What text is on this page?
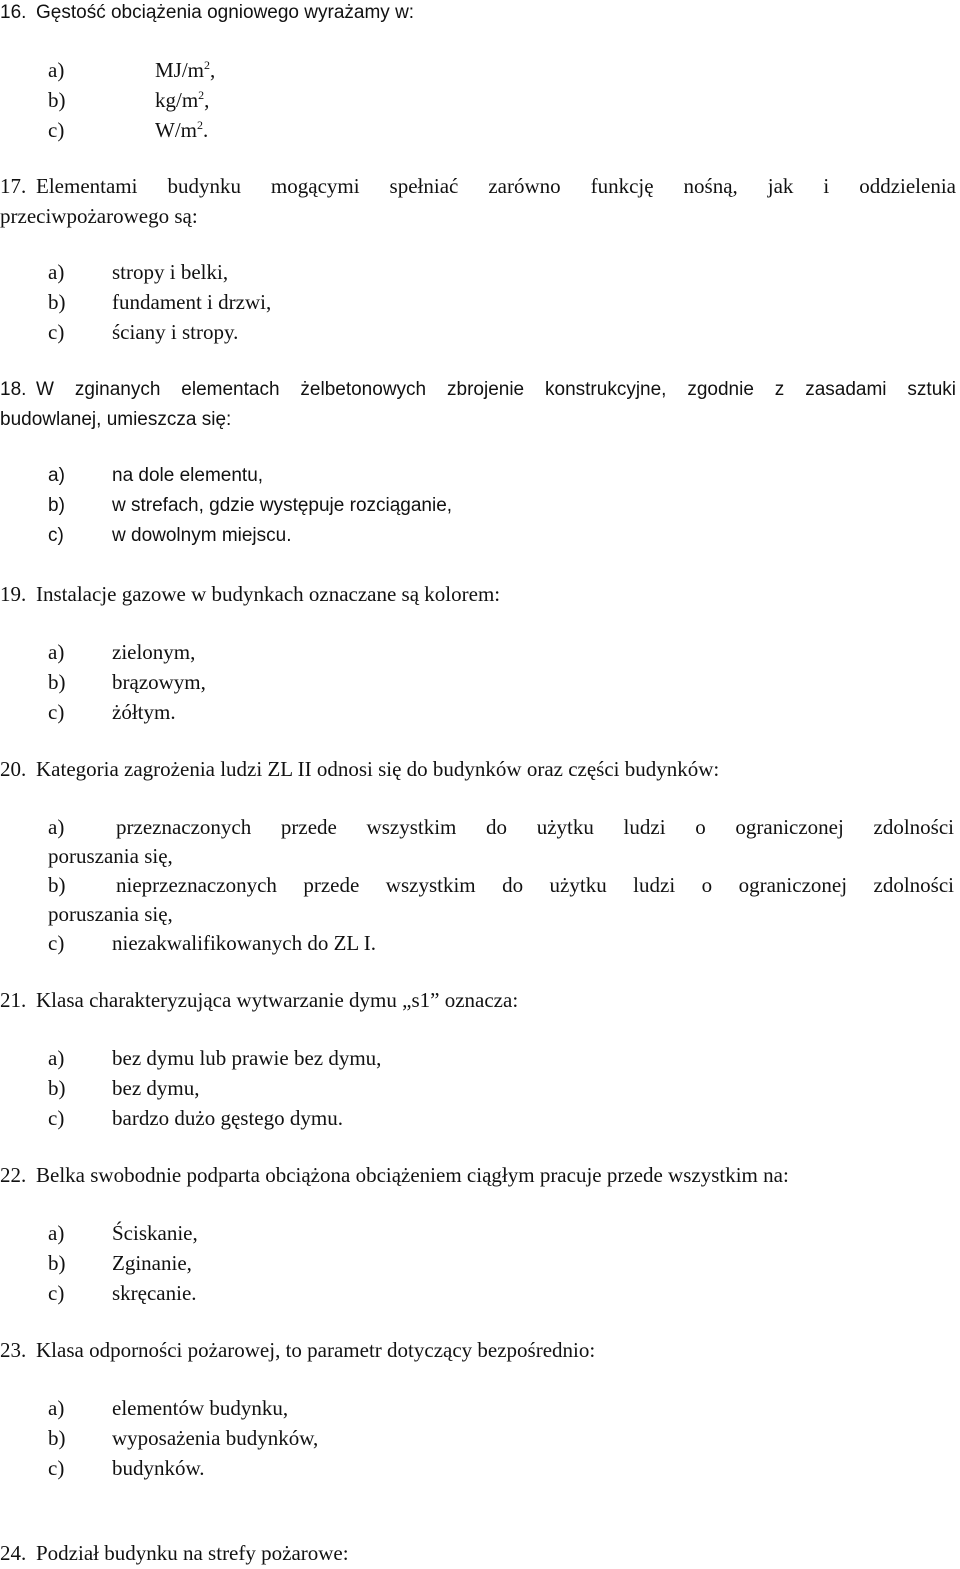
16. Gęstość obciążenia ogniowego wyrażamy w:
a)	$MJ/m^2$,
b)	$kg/m^2$,
c)	$W/m^2$.
17. Elementami budynku mogącymi spełniać zarówno funkcję nośną, jak i oddzielenia
przeciwpożarowego są:
a) stropy i belki,
b) fundament i drzwi,
c) ściany i stropy.
18. W zginanych elementach żelbetonowych zbrojenie konstrukcyjne, zgodnie z zasadami sztuki
budowlanej, umieszcza się:
a) na dole elementu,
b) w strefach, gdzie występuje rozciąganie,
c)	w dowolnym miejscu.
19. Instalacje gazowe w budynkach oznaczane są kolorem:
a) zielonym,
b) brązowym,
c) żółtym.
20. Kategoria zagrożenia ludzi ZL II odnosi się do budynków oraz części budynków:
a) przeznaczonych przede wszystkim do użytku ludzi o ograniczonej zdolności
poruszania się,
b) nieprzeznaczonych przede wszystkim do użytku ludzi o ograniczonej zdolności
poruszania się,
c) niezakwalifikowanych do ZL I.
21. Klasa charakteryzująca wytwarzanie dymu „s1” oznacza:
a) bez dymu lub prawie bez dymu,
b) bez dymu,
c) bardzo dużo gęstego dymu.
22. Belka swobodnie podparta obciążona obciążeniem ciągłym pracuje przede wszystkim na:
a) Ściskanie,
b) Zginanie,
c) skręcanie.
23. Klasa odporności pożarowej, to parametr dotyczący bezpośrednio:
a) elementów budynku,
b) wyposażenia budynków,
c) budynków.
24. Podział budynku na strefy pożarowe:
